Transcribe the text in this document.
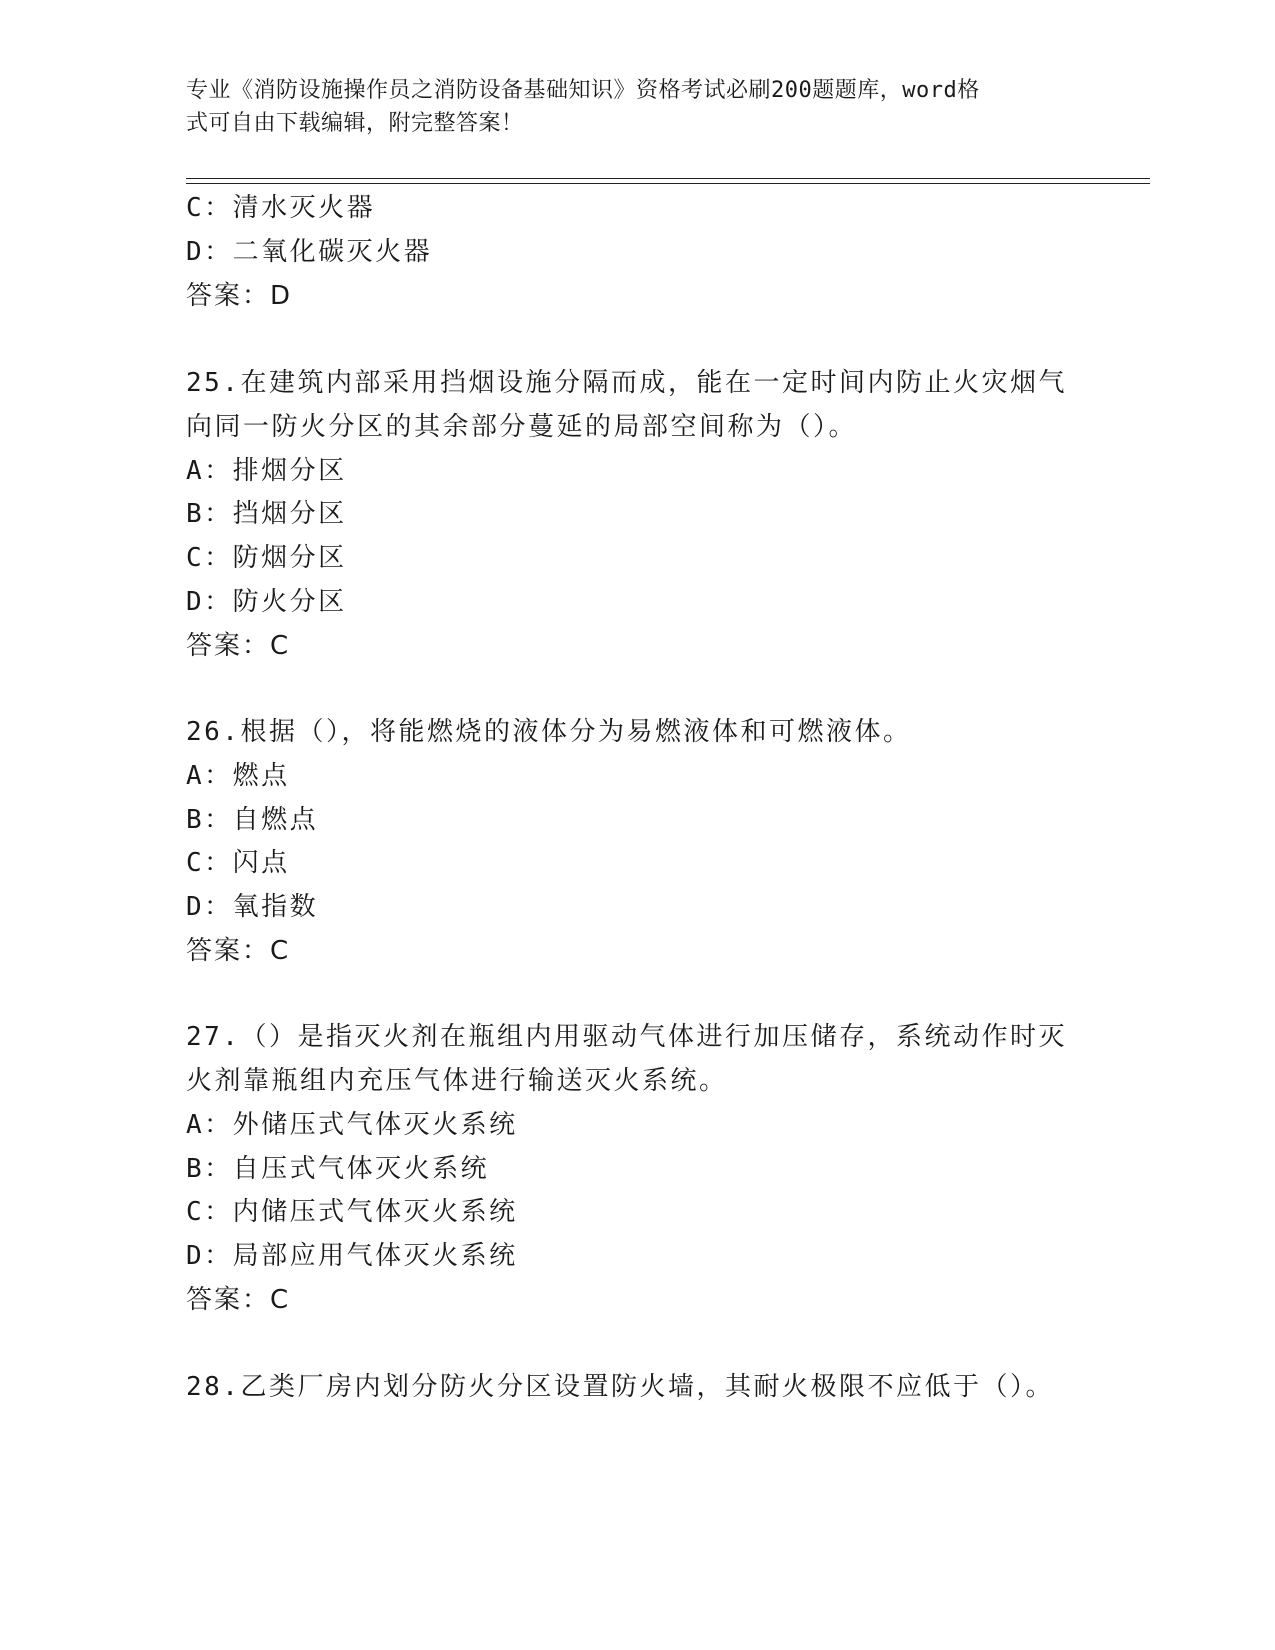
专业《消防设施操作员之消防设备基础知识》资格考试必刷200题题库，word格
式可自由下载编辑，附完整答案！
C：清水灭火器
D：二氧化碳灭火器
答案：D
25.在建筑内部采用挡烟设施分隔而成，能在一定时间内防止火灾烟气
向同一防火分区的其余部分蔓延的局部空间称为（）。
A：排烟分区
B：挡烟分区
C：防烟分区
D：防火分区
答案：C
26.根据（），将能燃烧的液体分为易燃液体和可燃液体。
A：燃点
B：自燃点
C：闪点
D：氧指数
答案：C
27.（）是指灭火剂在瓶组内用驱动气体进行加压储存，系统动作时灭
火剂靠瓶组内充压气体进行输送灭火系统。
A：外储压式气体灭火系统
B：自压式气体灭火系统
C：内储压式气体灭火系统
D：局部应用气体灭火系统
答案：C
28.乙类厂房内划分防火分区设置防火墙，其耐火极限不应低于（）。
